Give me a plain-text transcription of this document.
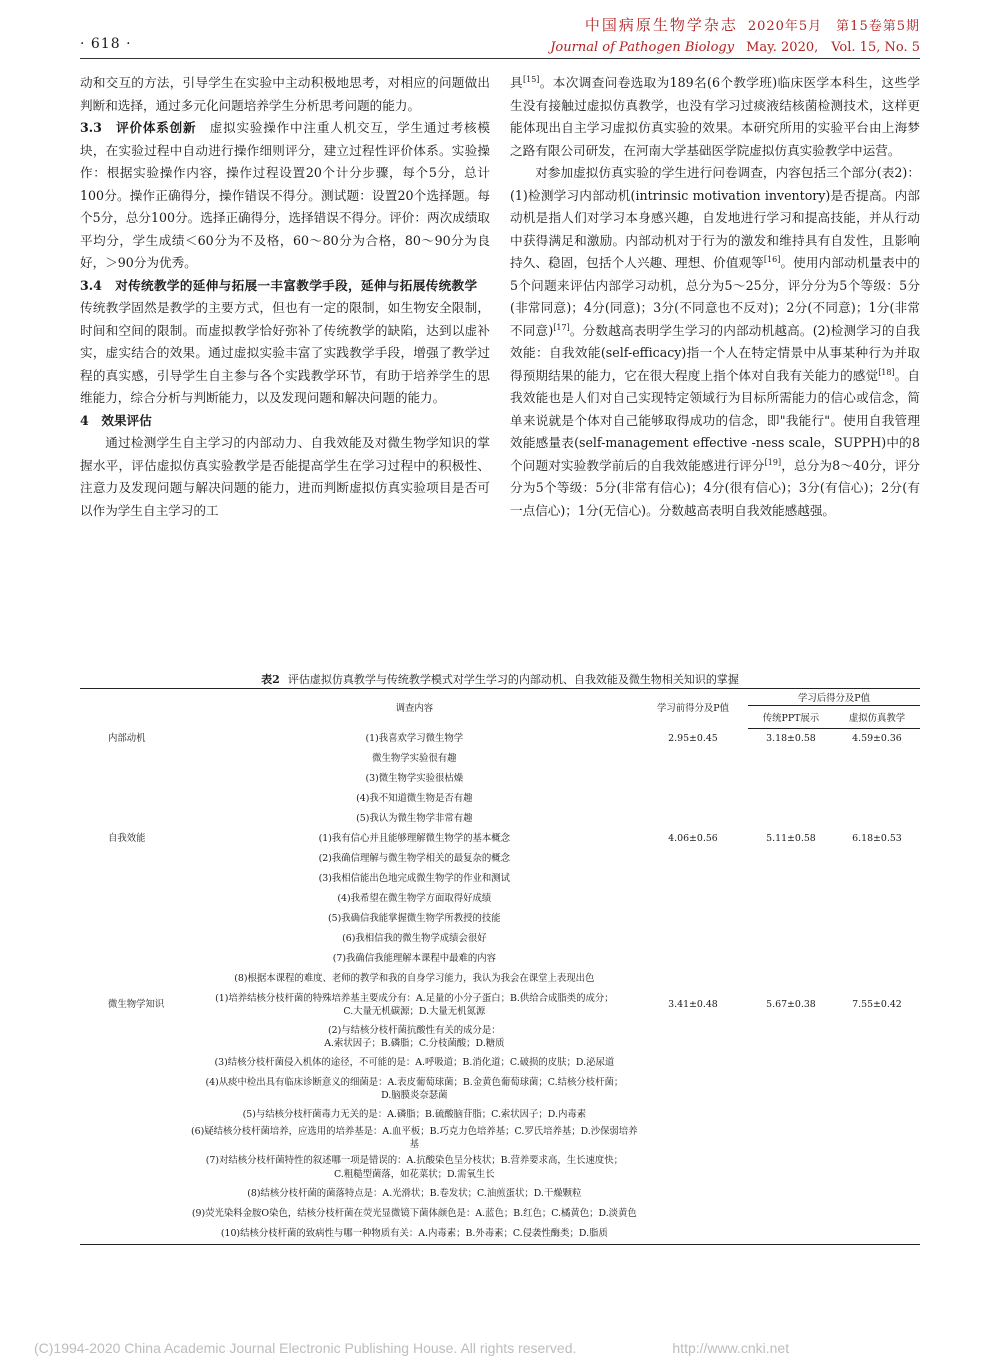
· 618 ·
中国病原生物学杂志 2020年5月　第15卷第5期
Journal of Pathogen Biology May. 2020,　Vol. 15, No. 5

动和交互的方法，引导学生在实验中主动积极地思考，对相应的问题做出判断和选择，通过多元化问题培养学生分析思考问题的能力。

3.3　评价体系创新　虚拟实验操作中注重人机交互，学生通过考核模块，在实验过程中自动进行操作细则评分，建立过程性评价体系。实验操作：根据实验操作内容，操作过程设置20个计分步骤，每个5分，总计100分。操作正确得分，操作错误不得分。测试题：设置20个选择题。每个5分，总分100分。选择正确得分，选择错误不得分。评价：两次成绩取平均分，学生成绩＜60分为不及格，60～80分为合格，80～90分为良好，＞90分为优秀。

3.4　对传统教学的延伸与拓展一丰富教学手段，延伸与拓展传统教学　传统教学固然是教学的主要方式，但也有一定的限制，如生物安全限制，时间和空间的限制。而虚拟教学恰好弥补了传统教学的缺陷，达到以虚补实，虚实结合的效果。通过虚拟实验丰富了实践教学手段，增强了教学过程的真实感，引导学生自主参与各个实践教学环节，有助于培养学生的思维能力，综合分析与判断能力，以及发现问题和解决问题的能力。

4　效果评估

通过检测学生自主学习的内部动力、自我效能及对微生物学知识的掌握水平，评估虚拟仿真实验教学是否能提高学生在学习过程中的积极性、注意力及发现问题与解决问题的能力，进而判断虚拟仿真实验项目是否可以作为学生自主学习的工

具[15]。本次调查问卷选取为189名(6个教学班)临床医学本科生，这些学生没有接触过虚拟仿真教学，也没有学习过痰液结核菌检测技术，这样更能体现出自主学习虚拟仿真实验的效果。本研究所用的实验平台由上海梦之路有限公司研发，在河南大学基础医学院虚拟仿真实验教学中运营。

对参加虚拟仿真实验的学生进行问卷调查，内容包括三个部分(表2)：(1)检测学习内部动机(intrinsic motivation inventory)是否提高。内部动机是指人们对学习本身感兴趣，自发地进行学习和提高技能，并从行动中获得满足和激励。内部动机对于行为的激发和维持具有自发性，且影响持久、稳固，包括个人兴趣、理想、价值观等[16]。使用内部动机量表中的5个问题来评估内部学习动机，总分为5～25分，评分分为5个等级：5分(非常同意)；4分(同意)；3分(不同意也不反对)；2分(不同意)；1分(非常不同意)[17]。分数越高表明学生学习的内部动机越高。(2)检测学习的自我效能：自我效能(self-efficacy)指一个人在特定情景中从事某种行为并取得预期结果的能力，它在很大程度上指个体对自我有关能力的感觉[18]。自我效能也是人们对自己实现特定领域行为目标所需能力的信心或信念，简单来说就是个体对自己能够取得成功的信念，即"我能行"。使用自我管理效能感量表(self-management effective -ness scale，SUPPH)中的8个问题对实验教学前后的自我效能感进行评分[19]，总分为8～40分，评分分为5个等级：5分(非常有信心)；4分(很有信心)；3分(有信心)；2分(有一点信心)；1分(无信心)。分数越高表明自我效能感越强。

表2 评估虚拟仿真教学与传统教学模式对学生学习的内部动机、自我效能及微生物相关知识的掌握
	调查内容	学习前得分及P值	学习后得分及P值	

			传统PPT展示	虚拟仿真教学
内部动机	(1)我喜欢学习微生物学	2.95±0.45	3.18±0.58	4.59±0.36

	微生物学实验很有趣			

	(3)微生物学实验很枯燥			

	(4)我不知道微生物是否有趣			

	(5)我认为微生物学非常有趣			

自我效能	(1)我有信心并且能够理解微生物学的基本概念	4.06±0.56	5.11±0.58	6.18±0.53

	(2)我确信理解与微生物学相关的最复杂的概念			

	(3)我相信能出色地完成微生物学的作业和测试			

	(4)我希望在微生物学方面取得好成绩			

	(5)我确信我能掌握微生物学所教授的技能			

	(6)我相信我的微生物学成绩会很好			

	(7)我确信我能理解本课程中最难的内容			

	(8)根据本课程的难度、老师的教学和我的自身学习能力，我认为我会在课堂上表现出色			

微生物学知识	(1)培养结核分枝杆菌的特殊培养基主要成分有：A.足量的小分子蛋白；B.供给合成脂类的成分；
C.大量无机碳源；D.大量无机氮源	3.41±0.48	5.67±0.38	7.55±0.42

	(2)与结核分枝杆菌抗酸性有关的成分是：
A.索状因子；B.磷脂；C.分枝菌酸；D.糖质			

	(3)结核分枝杆菌侵入机体的途径，不可能的是：A.呼吸道；B.消化道；C.破损的皮肤；D.泌尿道			

	(4)从痰中检出具有临床诊断意义的细菌是：A.表皮葡萄球菌；B.金黄色葡萄球菌；C.结核分枝杆菌；
D.脑膜炎奈瑟菌			

	(5)与结核分枝杆菌毒力无关的是：A.磷脂；B.硫酸脑苷脂；C.索状因子；D.内毒素			

	(6)疑结核分枝杆菌培养，应选用的培养基是：A.血平板；B.巧克力色培养基；C.罗氏培养基；D.沙保弱培养基			

	(7)对结核分枝杆菌特性的叙述哪一项是错误的：A.抗酸染色呈分枝状；B.营养要求高，生长速度快；
C.粗糙型菌落，如花菜状；D.需氧生长			

	(8)结核分枝杆菌的菌落特点是：A.光滑状；B.卷发状；C.油煎蛋状；D.干燥颗粒			

	(9)荧光染料金胺O染色，结核分枝杆菌在荧光显微镜下菌体颜色是：A.蓝色；B.红色；C.橘黄色；D.淡黄色			

	(10)结核分枝杆菌的致病性与哪一种物质有关：A.内毒素；B.外毒素；C.侵袭性酶类；D.脂质			

(C)1994-2020 China Academic Journal Electronic Publishing House. All rights reserved.	http://www.cnki.net
